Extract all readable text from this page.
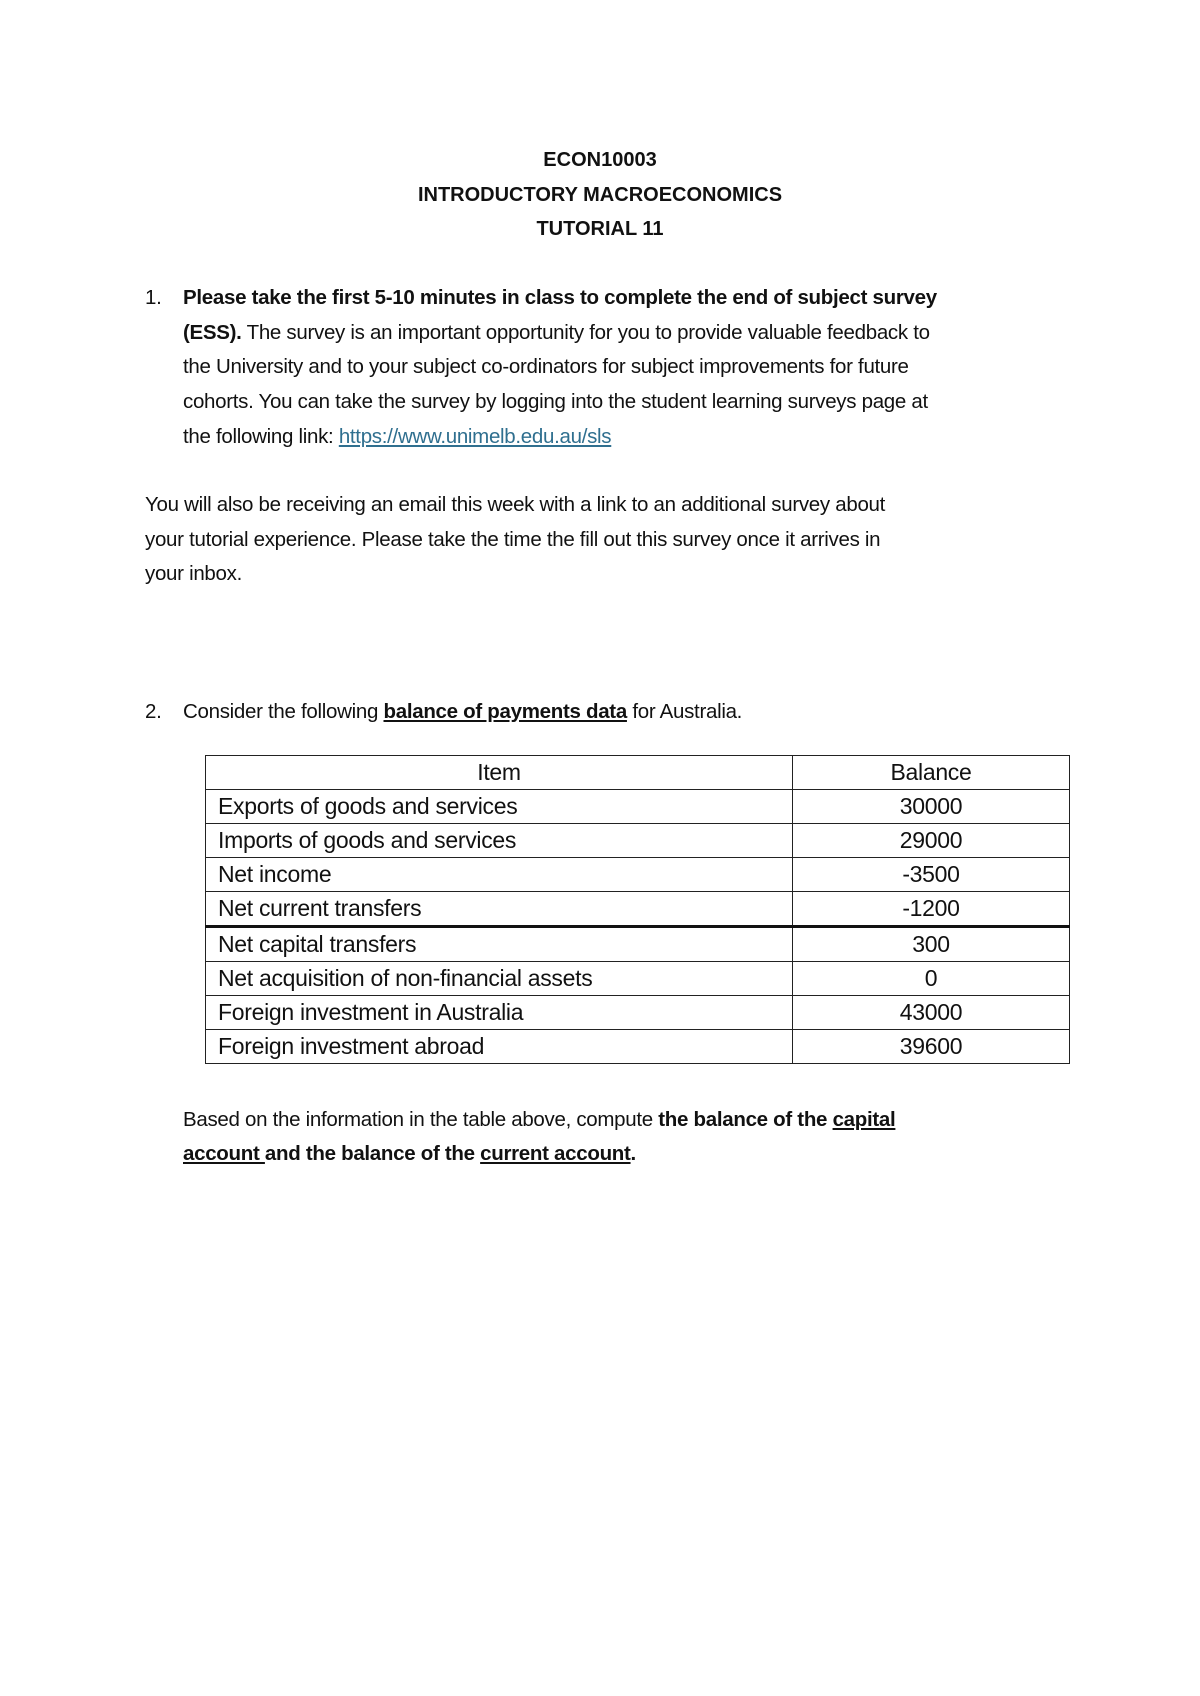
ECON10003
INTRODUCTORY MACROECONOMICS
TUTORIAL 11
1. Please take the first 5-10 minutes in class to complete the end of subject survey
(ESS). The survey is an important opportunity for you to provide valuable feedback to
the University and to your subject co-ordinators for subject improvements for future
cohorts. You can take the survey by logging into the student learning surveys page at
the following link: https://www.unimelb.edu.au/sls
You will also be receiving an email this week with a link to an additional survey about
your tutorial experience. Please take the time the fill out this survey once it arrives in
your inbox.
2. Consider the following balance of payments data for Australia.
Item	Balance
Exports of goods and services	30000
Imports of goods and services	29000
Net income	-3500
Net current transfers	-1200
Net capital transfers	300
Net acquisition of non-financial assets	0
Foreign investment in Australia	43000
Foreign investment abroad	39600
Based on the information in the table above, compute the balance of the capital
account and the balance of the current account.
